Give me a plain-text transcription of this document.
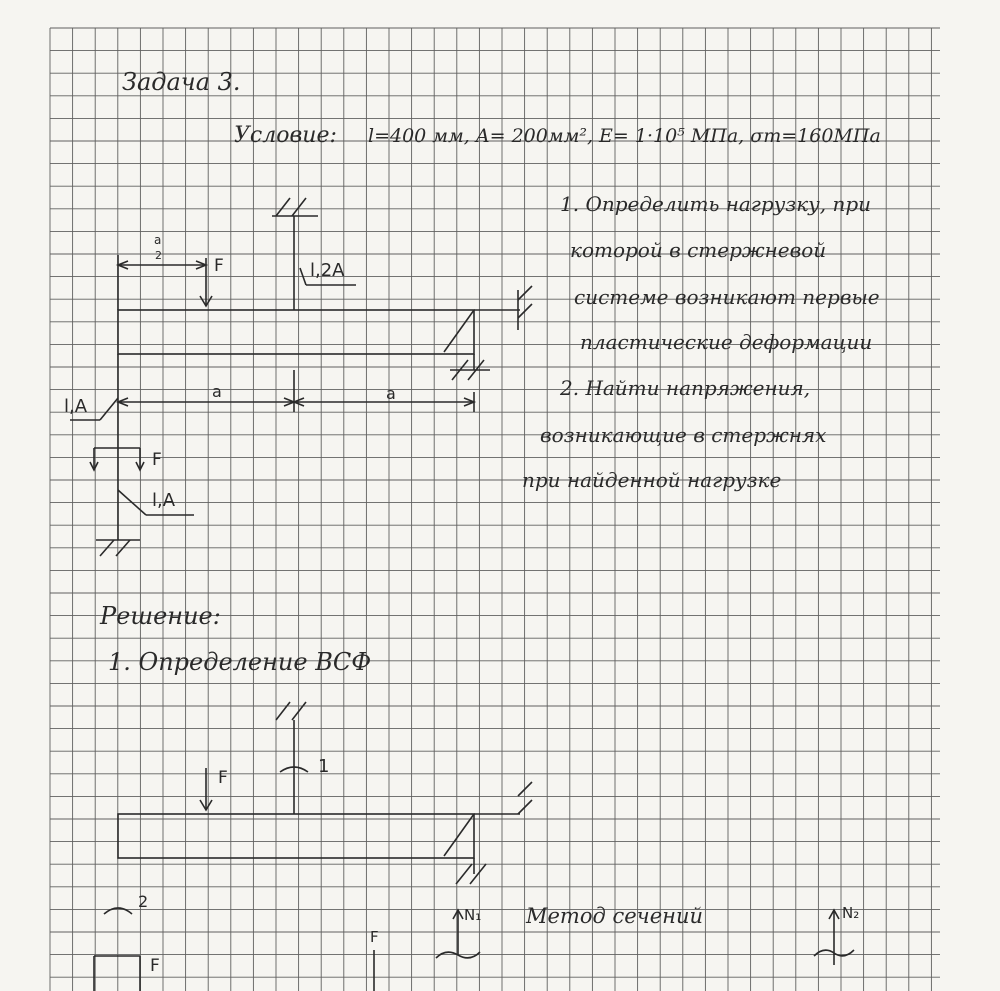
Задача 3.
Условие: l=400 мм, A= 200мм², E= 1·10⁵ МПа, σт=160МПа
1. Определить нагрузку, при
которой в стержневой
системе возникают первые
пластические деформации
2. Найти напряжения,
возникающие в стержнях
при найденной нагрузке
l,2A
l,A
l,A
F
F
a	a
a
2
Решение:
1. Определение ВСФ
1
2
F
F
F
N₁	N₂
Метод сечений
